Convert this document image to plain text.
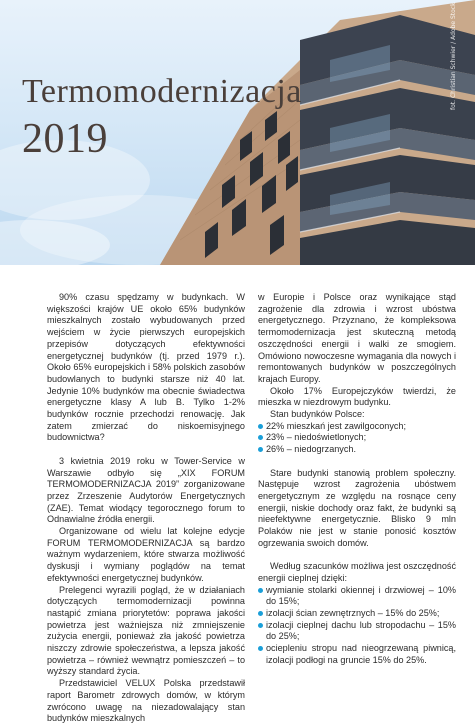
fot. Christian Schwier / Adobe Stock
Termomodernizacja
2019

90% czasu spędzamy w budynkach. W większości krajów UE około 65% budynków mieszkalnych zostało wybudowanych przed wejściem w życie pierwszych europejskich przepisów dotyczących efektywności energetycznej budynków (tj. przed 1979 r.). Około 65% europejskich i 58% polskich zasobów budowlanych to budynki starsze niż 40 lat. Jedynie 10% budynków ma obecnie świadectwa energetyczne klasy A lub B. Tylko 1-2% budynków rocznie przechodzi renowację. Jak zatem zmierzać do niskoemisyjnego budownictwa?

3 kwietnia 2019 roku w Tower-Service w Warszawie odbyło się „XIX FORUM TERMOMODERNIZACJA 2019” zorganizowane przez Zrzeszenie Audytorów Energetycznych (ZAE). Temat wiodący tegorocznego forum to Odnawialne źródła energii.

Organizowane od wielu lat kolejne edycje FORUM TERMOMODERNIZACJA są bardzo ważnym wydarzeniem, które stwarza możliwość dyskusji i wymiany poglądów na temat efektywności energetycznej budynków.

Prelegenci wyrazili pogląd, że w działaniach dotyczących termomodernizacji powinna nastąpić zmiana priorytetów: poprawa jakości powietrza jest ważniejsza niż zmniejszenie zużycia energii, ponieważ zła jakość powietrza niszczy zdrowie społeczeństwa, a lepsza jakość powietrza – również wewnątrz pomieszczeń – to wyższy standard życia.

Przedstawiciel VELUX Polska przedstawił raport Barometr zdrowych domów, w którym zwrócono uwagę na niezadowalający stan budynków mieszkalnych

w Europie i Polsce oraz wynikające stąd zagrożenie dla zdrowia i wzrost ubóstwa energetycznego. Przyznano, że kompleksowa termomodernizacja jest skuteczną metodą oszczędności energii i walki ze smogiem. Omówiono nowoczesne wymagania dla nowych i remontowanych budynków w poszczególnych krajach Europy.

Około 17% Europejczyków twierdzi, że mieszka w niezdrowym budynku.

Stan budynków Polsce:

22% mieszkań jest zawilgoconych;
23% – niedoświetlonych;
26% – niedogrzanych.

Stare budynki stanowią problem społeczny. Następuje wzrost zagrożenia ubóstwem energetycznym ze względu na rosnące ceny energii, niskie dochody oraz fakt, że budynki są nieefektywne energetycznie. Blisko 9 mln Polaków nie jest w stanie ponosić kosztów ogrzewania swoich domów.

Według szacunków możliwa jest oszczędność energii cieplnej dzięki:

wymianie stolarki okiennej i drzwiowej – 10% do 15%;
izolacji ścian zewnętrznych – 15% do 25%;
izolacji cieplnej dachu lub stropodachu – 15% do 25%;
ociepleniu stropu nad nieogrzewaną piwnicą, izolacji podłogi na gruncie 15% do 25%.
